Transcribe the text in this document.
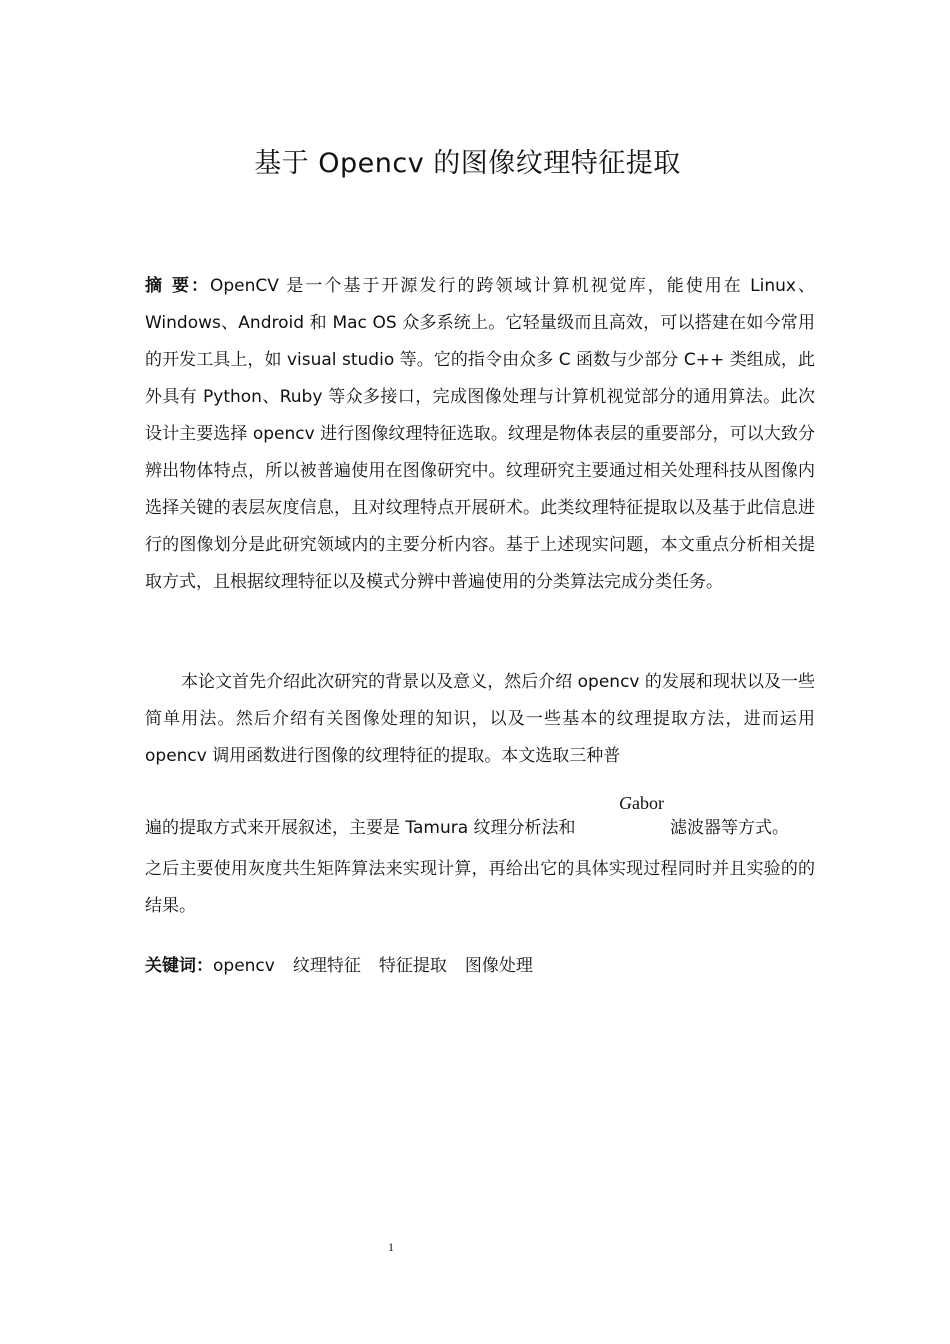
基于 Opencv 的图像纹理特征提取
摘 要：OpenCV 是一个基于开源发行的跨领域计算机视觉库，能使用在 Linux、Windows、Android 和 Mac OS 众多系统上。它轻量级而且高效，可以搭建在如今常用的开发工具上，如 visual studio 等。它的指令由众多 C 函数与少部分 C++ 类组成，此外具有 Python、Ruby 等众多接口，完成图像处理与计算机视觉部分的通用算法。此次设计主要选择 opencv 进行图像纹理特征选取。纹理是物体表层的重要部分，可以大致分辨出物体特点，所以被普遍使用在图像研究中。纹理研究主要通过相关处理科技从图像内选择关键的表层灰度信息，且对纹理特点开展研术。此类纹理特征提取以及基于此信息进行的图像划分是此研究领域内的主要分析内容。基于上述现实问题，本文重点分析相关提取方式，且根据纹理特征以及模式分辨中普遍使用的分类算法完成分类任务。
本论文首先介绍此次研究的背景以及意义，然后介绍 opencv 的发展和现状以及一些简单用法。然后介绍有关图像处理的知识，以及一些基本的纹理提取方法，进而运用 opencv 调用函数进行图像的纹理特征的提取。本文选取三种普
遍的提取方式来开展叙述，主要是 Tamura 纹理分析法和
Gabor
滤波器等方式。
之后主要使用灰度共生矩阵算法来实现计算，再给出它的具体实现过程同时并且实验的的结果。
关键词：opencv 纹理特征 特征提取 图像处理
1
